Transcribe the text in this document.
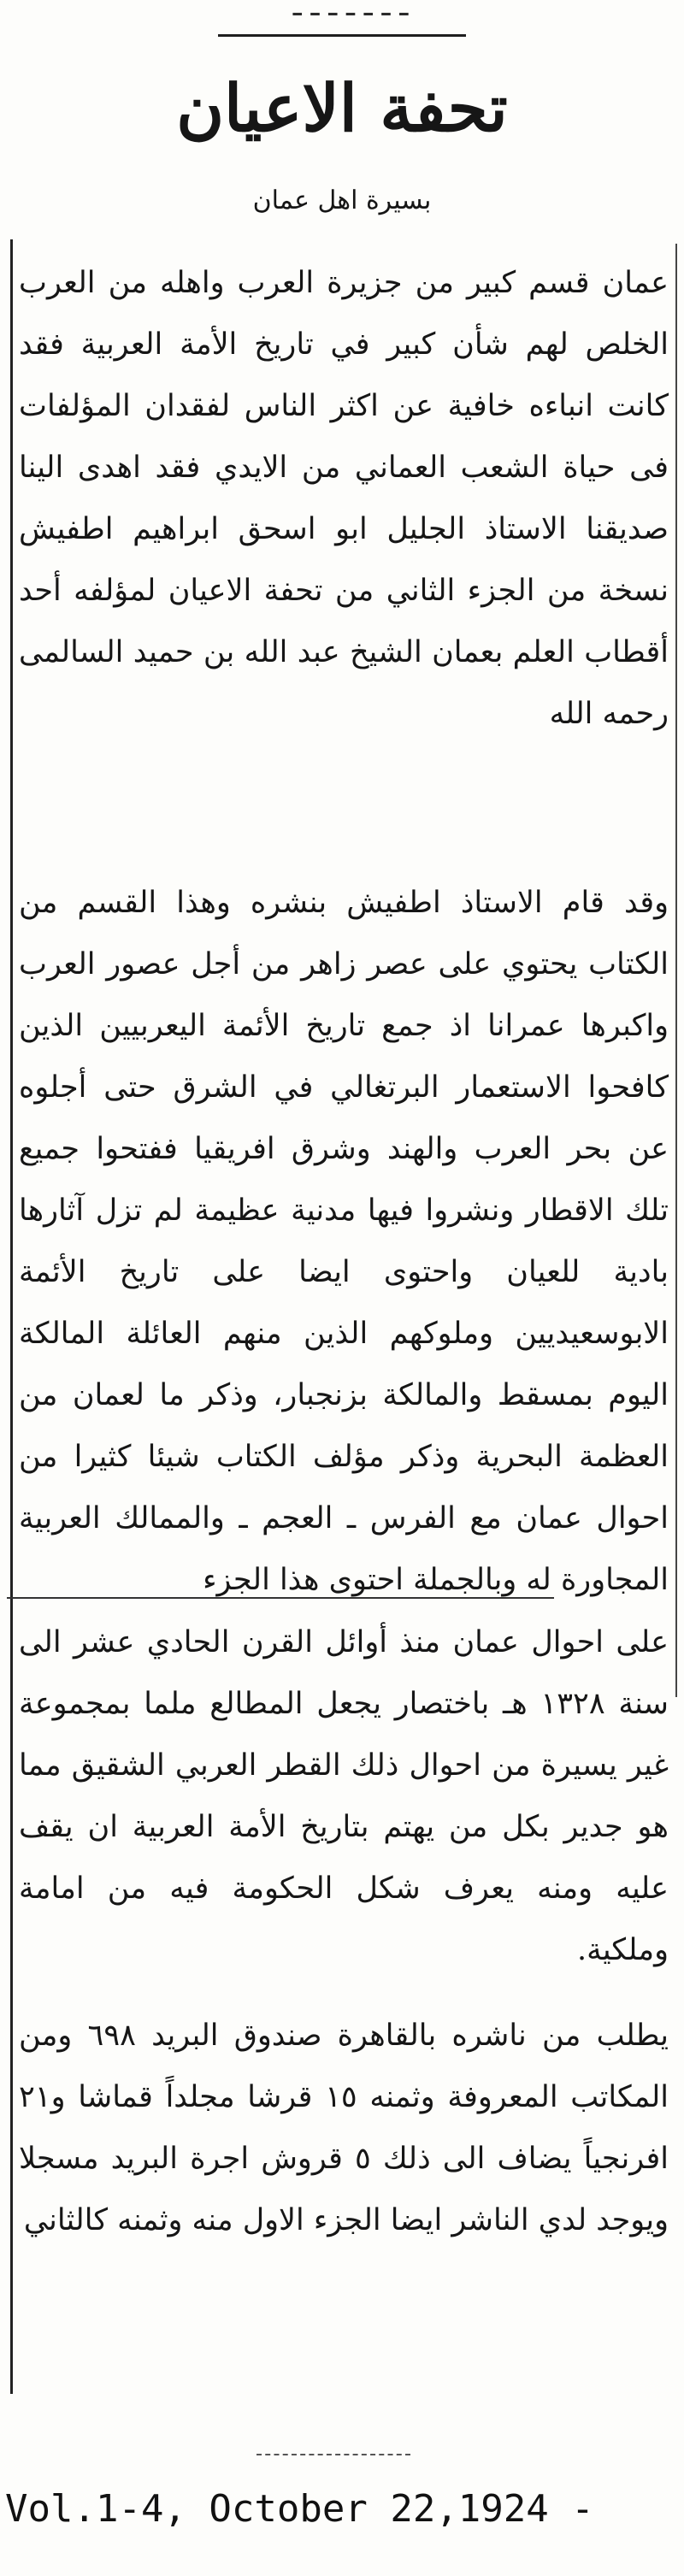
ـ ـ ـ ـ ـ ـ ـ
تحفة الاعيان
بسيرة اهل عمان

عمان قسم كبير من جزيرة العرب واهله من العرب الخلص لهم شأن كبير في تاريخ الأمة العربية فقد كانت انباءه خافية عن اكثر الناس لفقدان المؤلفات فى حياة الشعب العماني من الايدي فقد اهدى الينا صديقنا الاستاذ الجليل ابو اسحق ابراهيم اطفيش نسخة من الجزء الثاني من تحفة الاعيان لمؤلفه أحد أقطاب العلم بعمان الشيخ عبد الله بن حميد السالمى رحمه الله

وقد قام الاستاذ اطفيش بنشره وهذا القسم من الكتاب يحتوي على عصر زاهر من أجل عصور العرب واكبرها عمرانا اذ جمع تاريخ الأئمة اليعربيين الذين كافحوا الاستعمار البرتغالي في الشرق حتى أجلوه عن بحر العرب والهند وشرق افريقيا ففتحوا جميع تلك الاقطار ونشروا فيها مدنية عظيمة لم تزل آثارها بادية للعيان واحتوى ايضا على تاريخ الأئمة الابوسعيديين وملوكهم الذين منهم العائلة المالكة اليوم بمسقط والمالكة بزنجبار، وذكر ما لعمان من العظمة البحرية وذكر مؤلف الكتاب شيئا كثيرا من احوال عمان مع الفرس ـ العجم ـ والممالك العربية المجاورة له وبالجملة احتوى هذا الجزء

على احوال عمان منذ أوائل القرن الحادي عشر الى سنة ١٣٢٨ هـ باختصار يجعل المطالع ملما بمجموعة غير يسيرة من احوال ذلك القطر العربي الشقيق مما هو جدير بكل من يهتم بتاريخ الأمة العربية ان يقف عليه ومنه يعرف شكل الحكومة فيه من امامة وملكية.

يطلب من ناشره بالقاهرة صندوق البريد ٦٩٨ ومن المكاتب المعروفة وثمنه ١٥ قرشا مجلداً قماشا و٢١ افرنجياً يضاف الى ذلك ٥ قروش اجرة البريد مسجلا ويوجد لدي الناشر ايضا الجزء الاول منه وثمنه كالثاني

Vol.1-4, October 22,1924 -
